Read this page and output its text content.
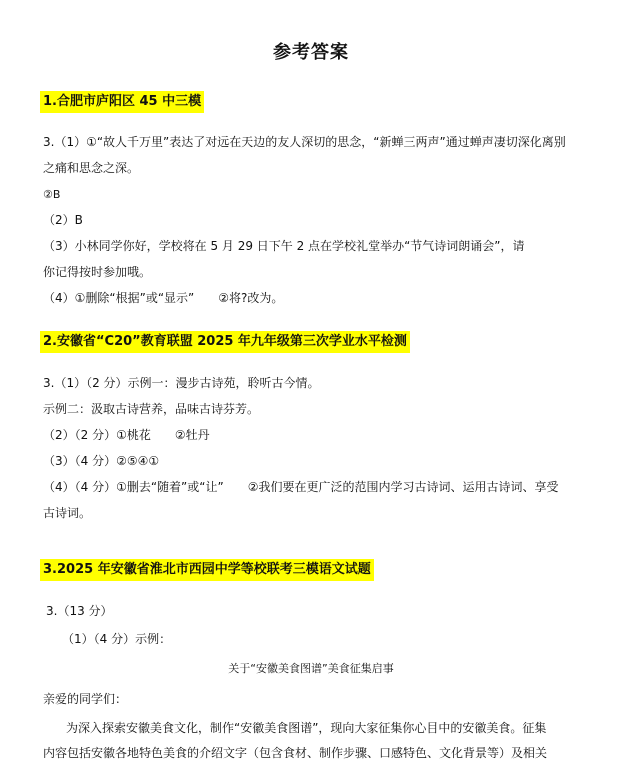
参考答案
1.合肥市庐阳区 45 中三模
3.（1）①“故人千万里”表达了对远在天边的友人深切的思念，“新蝉三两声”通过蝉声凄切深化离别
之痛和思念之深。
②B
（2）B
（3）小林同学你好，学校将在 5 月 29 日下午 2 点在学校礼堂举办“节气诗词朗诵会”，请
你记得按时参加哦。
（4）①删除“根据”或“显示”　　②将?改为。
2.安徽省“C20”教育联盟 2025 年九年级第三次学业水平检测
3.（1）（2 分）示例一：漫步古诗苑，聆听古今情。
示例二：汲取古诗营养，品味古诗芬芳。
（2）（2 分）①桃花　　②牡丹
（3）（4 分）②⑤④①
（4）（4 分）①删去“随着”或“让”　　②我们要在更广泛的范围内学习古诗词、运用古诗词、享受
古诗词。
3.2025 年安徽省淮北市西园中学等校联考三模语文试题
3.（13 分）
（1）（4 分）示例：
关于“安徽美食图谱”美食征集启事
亲爱的同学们：
为深入探索安徽美食文化，制作“安徽美食图谱”，现向大家征集你心目中的安徽美食。征集
内容包括安徽各地特色美食的介绍文字（包含食材、制作步骤、口感特色、文化背景等）及相关
